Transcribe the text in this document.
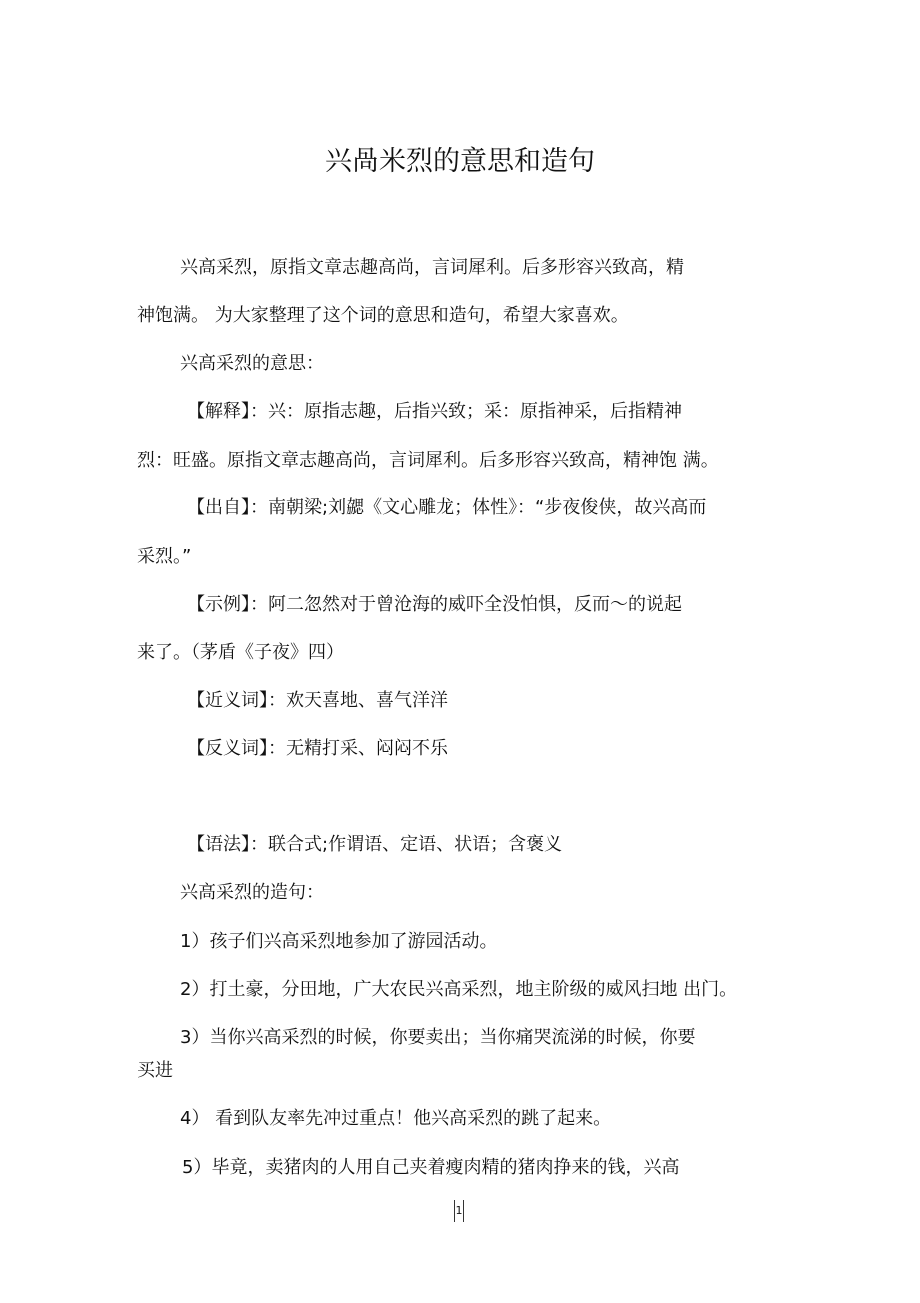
兴咼米烈的意思和造句
兴高采烈，原指文章志趣高尚，言词犀利。后多形容兴致高，精
神饱满。 为大家整理了这个词的意思和造句，希望大家喜欢。
兴高采烈的意思：
【解释】：兴：原指志趣，后指兴致；采：原指神采，后指精神
烈：旺盛。原指文章志趣高尚，言词犀利。后多形容兴致高，精神饱 满。
【出自】：南朝梁;刘勰《文心雕龙；体性》：“步夜俊侠，故兴高而
采烈。”
【示例】：阿二忽然对于曾沧海的威吓全没怕惧，反而〜的说起
来了。（茅盾《子夜》四）
【近义词】：欢天喜地、喜气洋洋
【反义词】：无精打采、闷闷不乐
【语法】：联合式;作谓语、定语、状语；含褒义
兴高采烈的造句：
1）孩子们兴高采烈地参加了游园活动。
2）打土豪，分田地，广大农民兴高采烈，地主阶级的威风扫地 出门。
3）当你兴高采烈的时候，你要卖出；当你痛哭流涕的时候，你要
买进
4） 看到队友率先冲过重点！他兴高采烈的跳了起来。
5）毕竟，卖猪肉的人用自己夹着瘦肉精的猪肉挣来的钱，兴高
1
